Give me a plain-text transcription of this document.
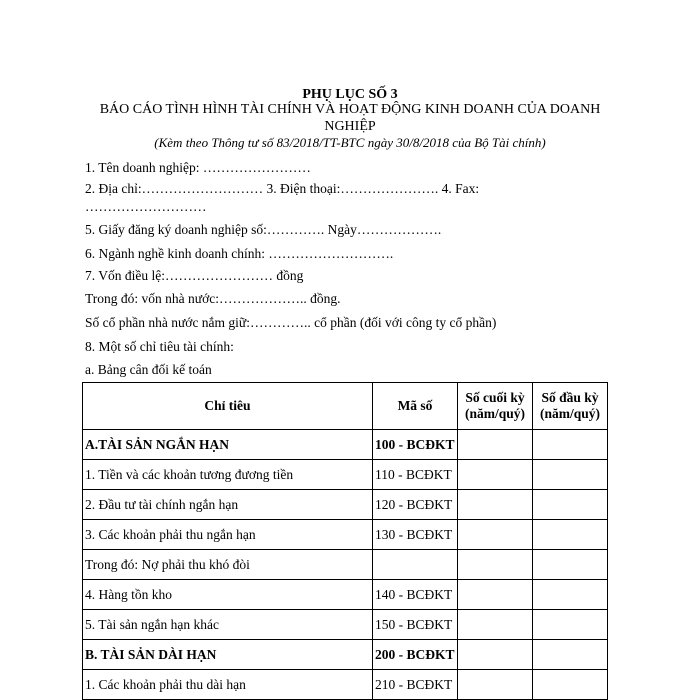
PHỤ LỤC SỐ 3
BÁO CÁO TÌNH HÌNH TÀI CHÍNH VÀ HOẠT ĐỘNG KINH DOANH CỦA DOANH NGHIỆP
(Kèm theo Thông tư số 83/2018/TT-BTC ngày 30/8/2018 của Bộ Tài chính)
1. Tên doanh nghiệp: ……………………
2. Địa chỉ:……………………… 3. Điện thoại:…………………. 4. Fax:
………………………
5. Giấy đăng ký doanh nghiệp số:…………. Ngày……………….
6. Ngành nghề kinh doanh chính: ……………………….
7. Vốn điều lệ:…………………… đồng
Trong đó: vốn nhà nước:……………….. đồng.
Số cổ phần nhà nước nắm giữ:………….. cổ phần (đối với công ty cổ phần)
8. Một số chỉ tiêu tài chính:
a. Bảng cân đối kế toán
Chỉ tiêu	Mã số	Số cuối kỳ (năm/quý)	Số đầu kỳ (năm/quý)
A.TÀI SẢN NGẮN HẠN	100 - BCĐKT		
1. Tiền và các khoản tương đương tiền	110 - BCĐKT		
2. Đầu tư tài chính ngắn hạn	120 - BCĐKT		
3. Các khoản phải thu ngắn hạn	130 - BCĐKT		
Trong đó: Nợ phải thu khó đòi			
4. Hàng tồn kho	140 - BCĐKT		
5. Tài sản ngắn hạn khác	150 - BCĐKT		
B. TÀI SẢN DÀI HẠN	200 - BCĐKT		
1. Các khoản phải thu dài hạn	210 - BCĐKT		
